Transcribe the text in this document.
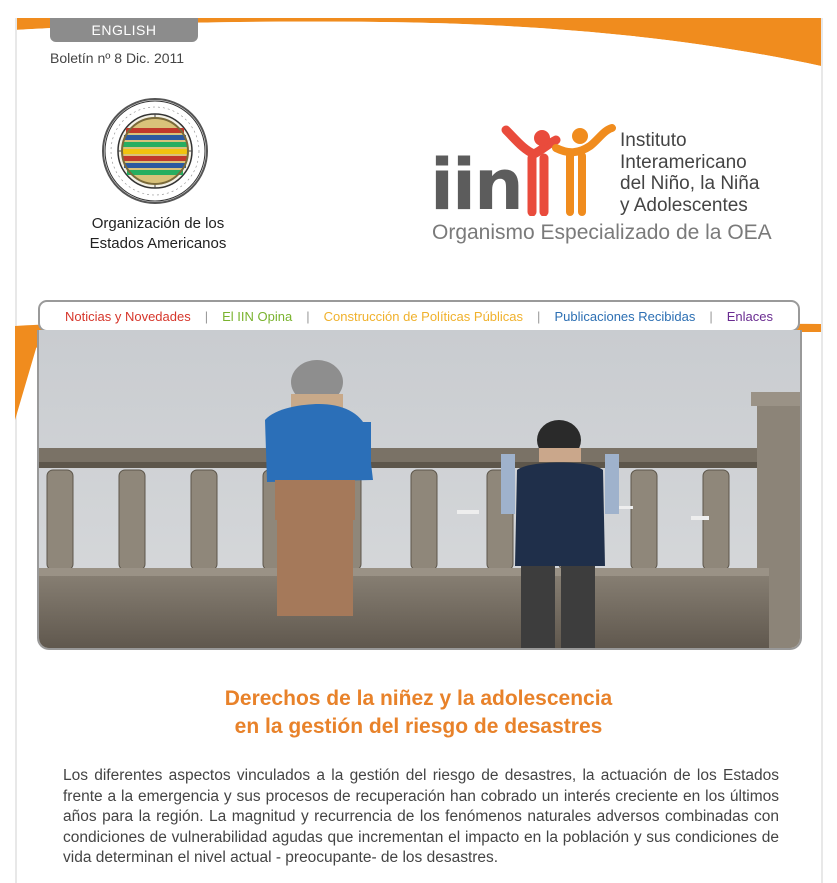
ENGLISH
Boletín nº 8 Dic. 2011
Organización de los
Estados Americanos
iin
Instituto
Interamericano
del Niño, la Niña
y Adolescentes
Organismo Especializado de la OEA
Noticias y Novedades	|	El IIN Opina	|	Construcción de Políticas Públicas	|	Publicaciones Recibidas	|	Enlaces
Derechos de la niñez y la adolescencia
en la gestión del riesgo de desastres
Los diferentes aspectos vinculados a la gestión del riesgo de desastres, la actuación de los Estados frente a la emergencia y sus procesos de recuperación han cobrado un interés creciente en los últimos años para la región. La magnitud y recurrencia de los fenómenos naturales adversos combinadas con condiciones de vulnerabilidad agudas que incrementan el impacto en la población y sus condiciones de vida determinan el nivel actual - preocupante- de los desastres.
